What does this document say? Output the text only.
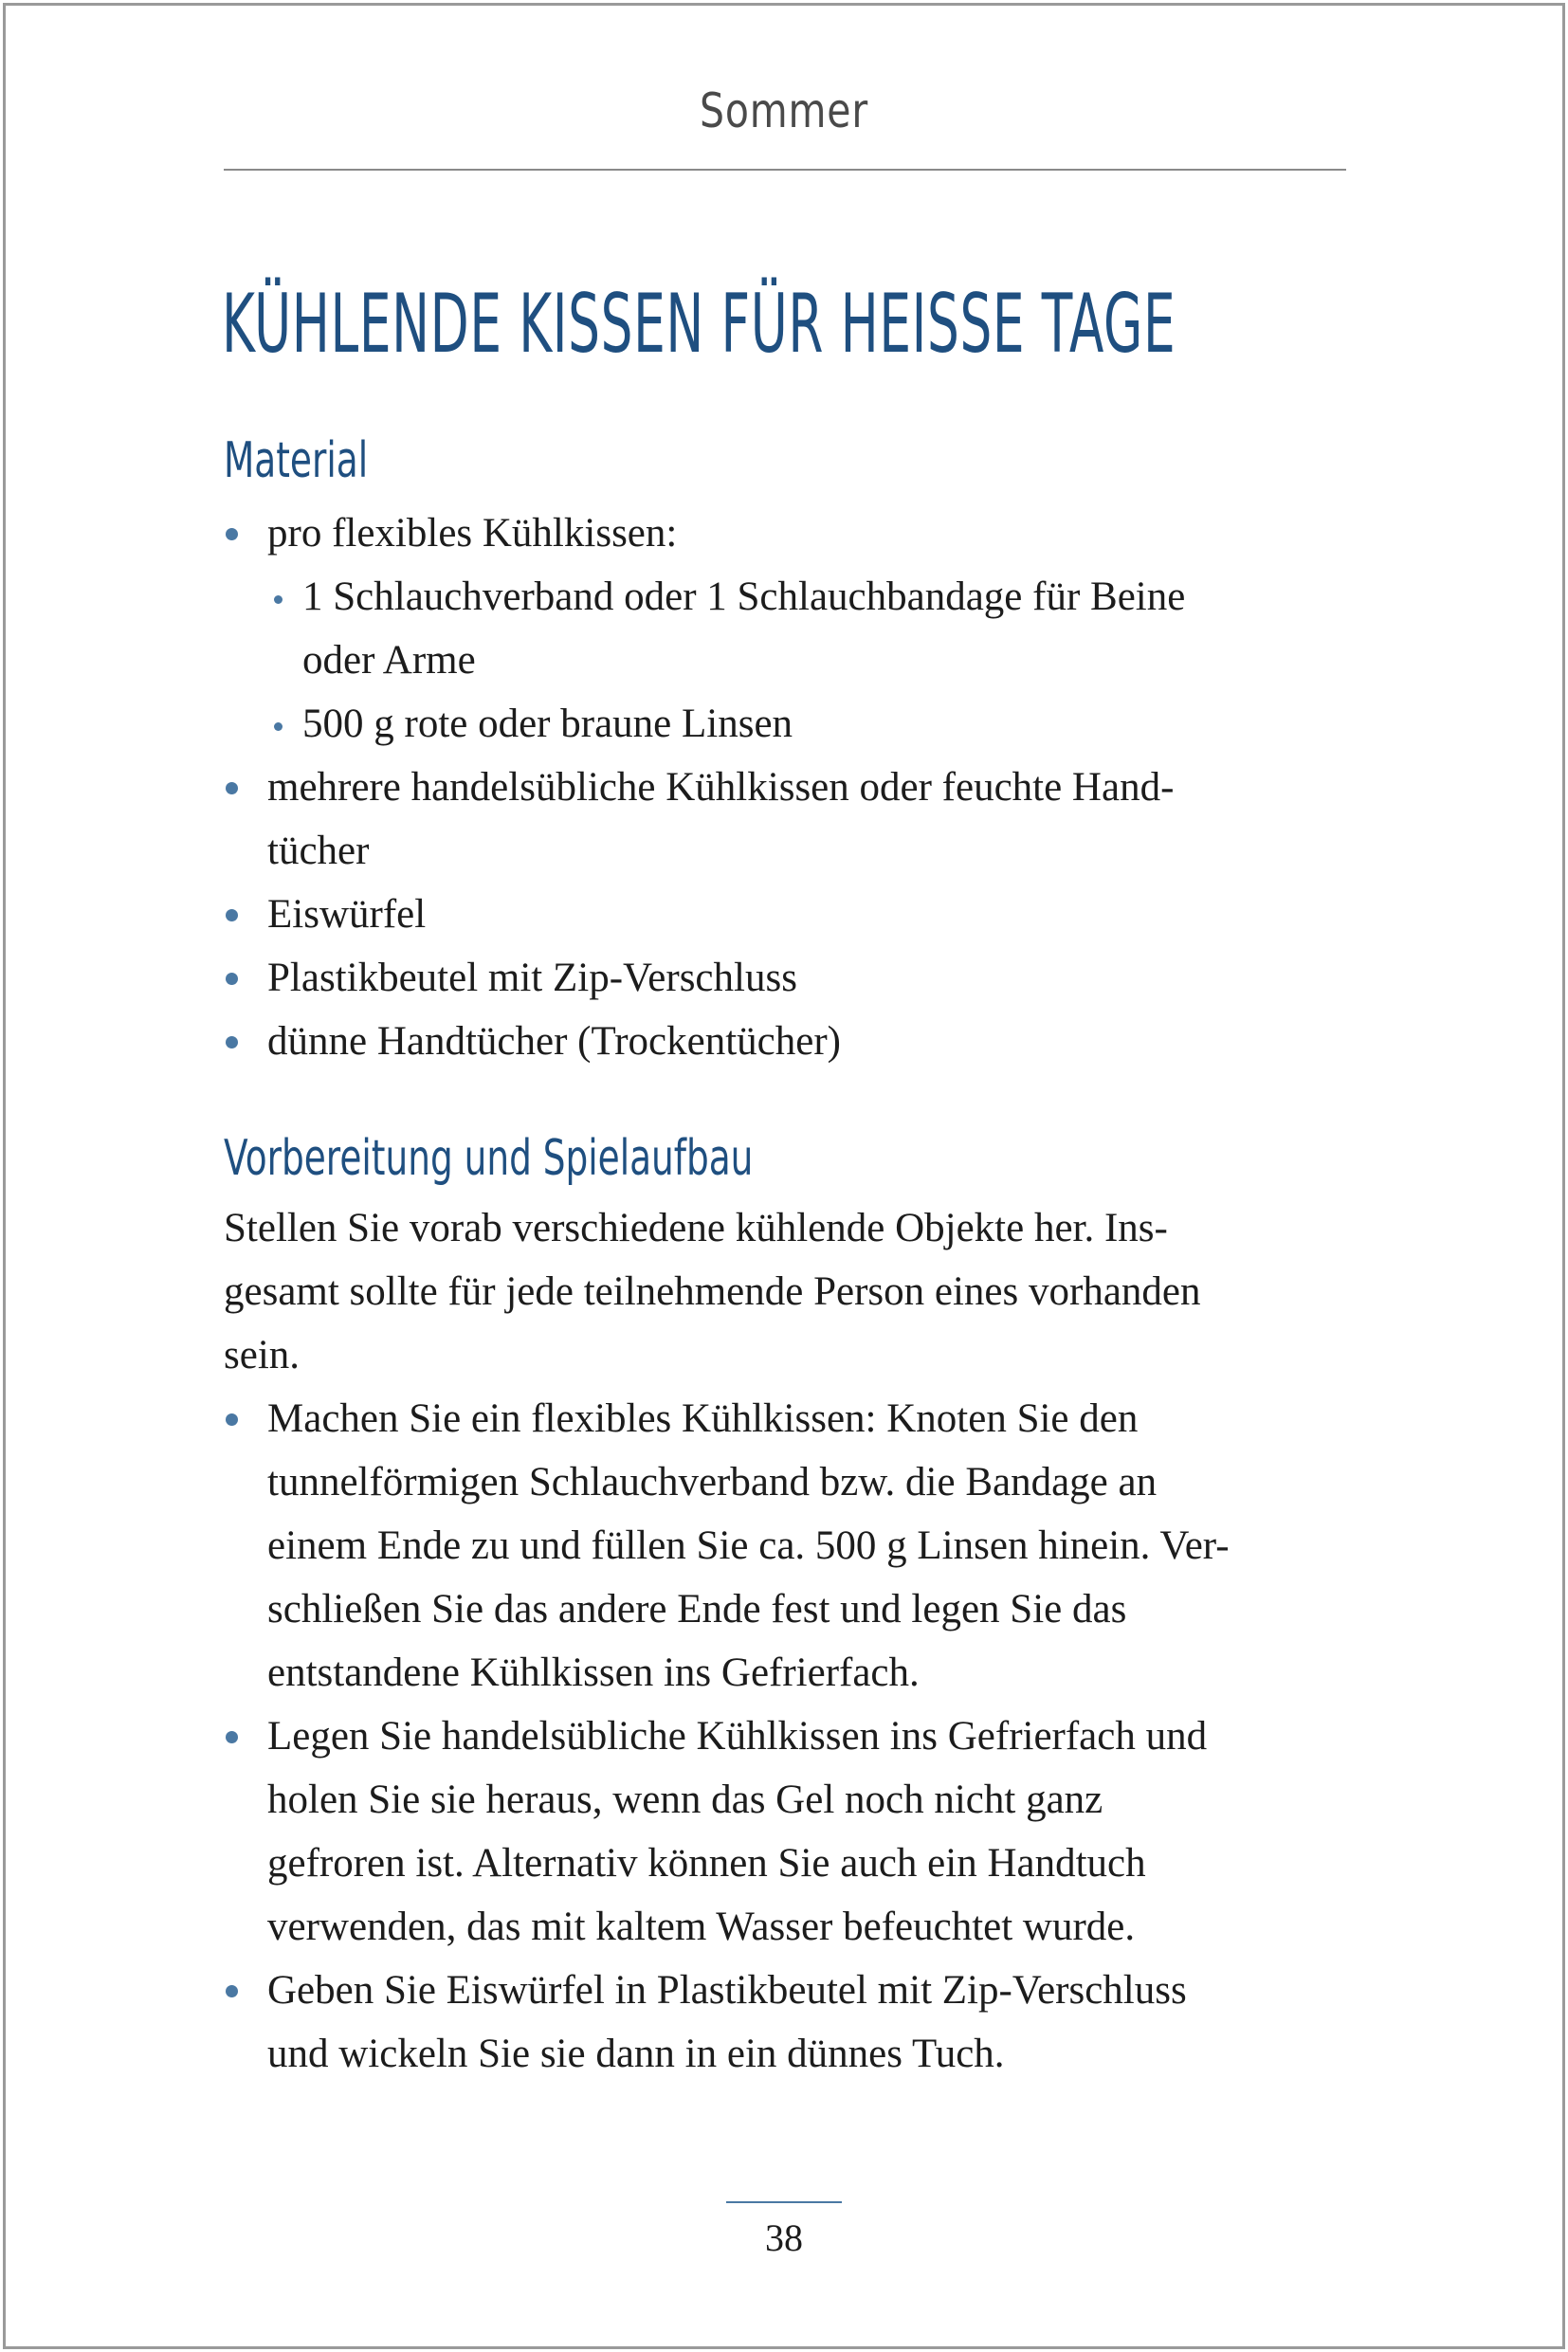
Sommer
KÜHLENDE KISSEN FÜR HEISSE TAGE
Material
pro flexibles Kühlkissen:
1 Schlauchverband oder 1 Schlauchbandage für Beine
oder Arme
500 g rote oder braune Linsen
mehrere handelsübliche Kühlkissen oder feuchte Hand-
tücher
Eiswürfel
Plastikbeutel mit Zip-Verschluss
dünne Handtücher (Trockentücher)
Vorbereitung und Spielaufbau
Stellen Sie vorab verschiedene kühlende Objekte her. Ins-
gesamt sollte für jede teilnehmende Person eines vorhanden
sein.
Machen Sie ein flexibles Kühlkissen: Knoten Sie den
tunnelförmigen Schlauchverband bzw. die Bandage an
einem Ende zu und füllen Sie ca. 500 g Linsen hinein. Ver-
schließen Sie das andere Ende fest und legen Sie das
entstandene Kühlkissen ins Gefrierfach.
Legen Sie handelsübliche Kühlkissen ins Gefrierfach und
holen Sie sie heraus, wenn das Gel noch nicht ganz
gefroren ist. Alternativ können Sie auch ein Handtuch
verwenden, das mit kaltem Wasser befeuchtet wurde.
Geben Sie Eiswürfel in Plastikbeutel mit Zip-Verschluss
und wickeln Sie sie dann in ein dünnes Tuch.
38
